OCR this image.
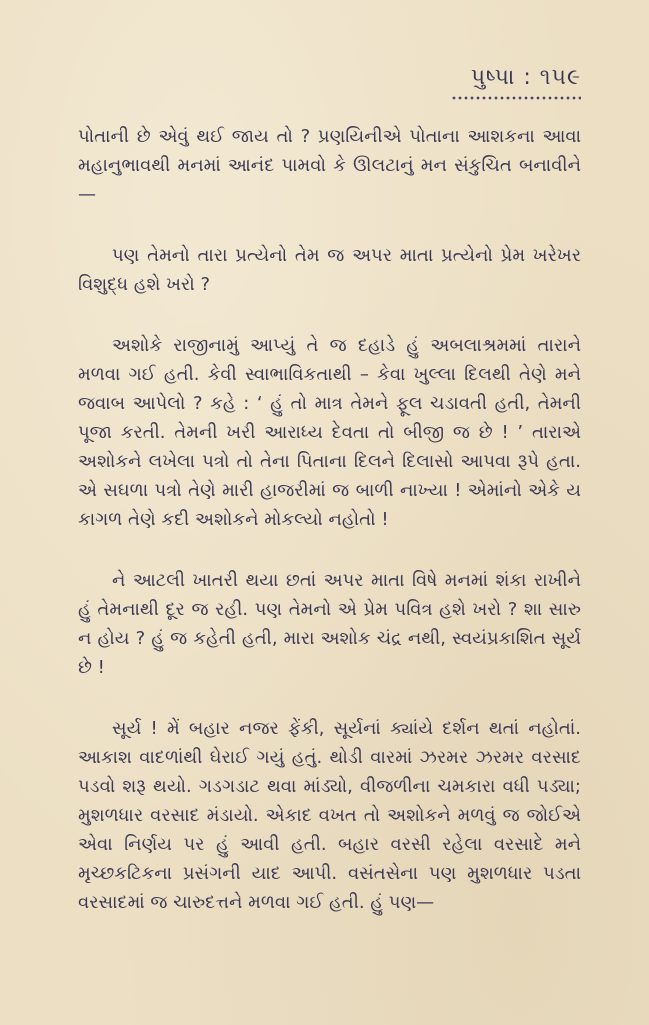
પુષ્પા : ૧૫૯

પોતાની છે એવું થઈ જાય તો ? પ્રણયિનીએ પોતાના આશકના આવા મહાનુભાવથી મનમાં આનંદ પામવો કે ઊલટાનું મન સંકુચિત બનાવીને—

પણ તેમનો તારા પ્રત્યેનો તેમ જ અપર માતા પ્રત્યેનો પ્રેમ ખરેખર વિશુદ્ધ હશે ખરો ?

અશોકે રાજીનામું આપ્યું તે જ દહાડે હું અબલાશ્રમમાં તારાને મળવા ગઈ હતી. કેવી સ્વાભાવિકતાથી – કેવા ખુલ્લા દિલથી તેણે મને જવાબ આપેલો ? કહે : ‘ હું તો માત્ર તેમને ફૂલ ચડાવતી હતી, તેમની પૂજા કરતી. તેમની ખરી આરાધ્ય દેવતા તો બીજી જ છે ! ’ તારાએ અશોકને લખેલા પત્રો તો તેના પિતાના દિલને દિલાસો આપવા રૂપે હતા. એ સઘળા પત્રો તેણે મારી હાજરીમાં જ બાળી નાખ્યા ! એમાંનો એકે ય કાગળ તેણે કદી અશોકને મોકલ્યો નહોતો !

ને આટલી ખાતરી થયા છતાં અપર માતા વિષે મનમાં શંકા રાખીને હું તેમનાથી દૂર જ રહી. પણ તેમનો એ પ્રેમ પવિત્ર હશે ખરો ? શા સારુ ન હોય ? હું જ કહેતી હતી, મારા અશોક ચંદ્ર નથી, સ્વયંપ્રકાશિત સૂર્ય છે !

સૂર્ય ! મેં બહાર નજર ફેંકી, સૂર્યનાં ક્યાંયે દર્શન થતાં નહોતાં. આકાશ વાદળાંથી ઘેરાઈ ગયું હતું. થોડી વારમાં ઝરમર ઝરમર વરસાદ પડવો શરૂ થયો. ગડગડાટ થવા માંડ્યો, વીજળીના ચમકારા વધી પડ્યા; મુશળધાર વરસાદ મંડાયો. એકાદ વખત તો અશોકને મળવું જ જોઈએ એવા નિર્ણય પર હું આવી હતી. બહાર વરસી રહેલા વરસાદે મને મૃચ્છકટિકના પ્રસંગની યાદ આપી. વસંતસેના પણ મુશળધાર પડતા વરસાદમાં જ ચારુદત્તને મળવા ગઈ હતી. હું પણ—
